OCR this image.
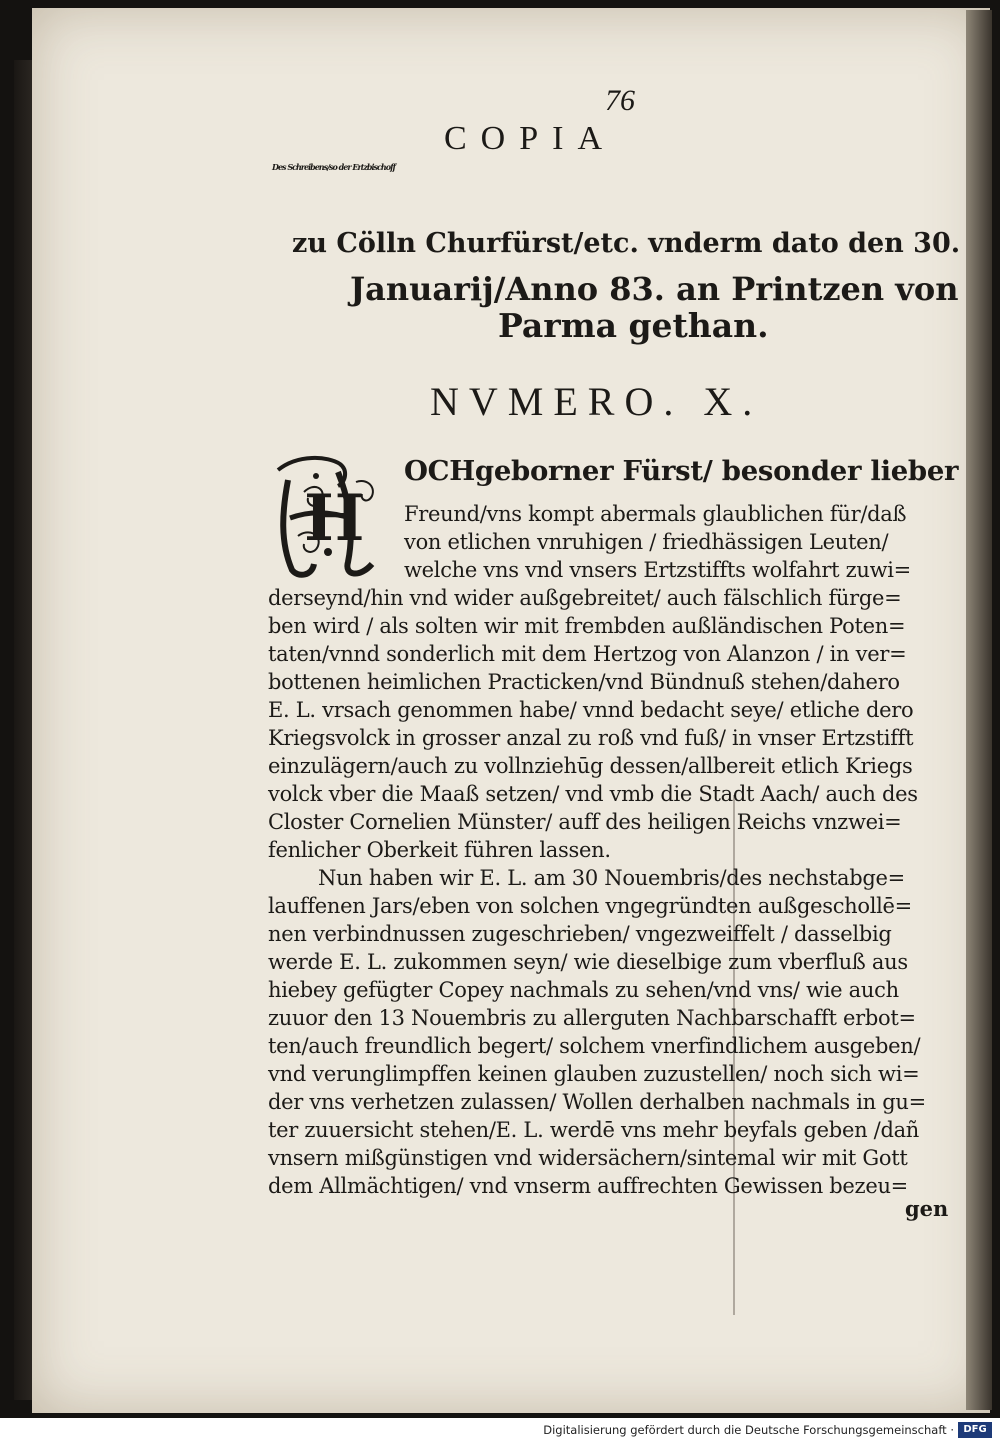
76
COPIA
Des Schreibens/so der Ertzbischoff
zu Cölln Churfürst/etc. vnderm dato den 30.
Januarij/Anno 83. an Printzen von
Parma gethan.
NVMERO. X.
H
OCHgeborner Fürst/ besonder lieber
Freund/vns kompt abermals glaublichen für/daß
von etlichen vnruhigen / friedhässigen Leuten/
welche vns vnd vnsers Ertzstiffts wolfahrt zuwi=
derseynd/hin vnd wider außgebreitet/ auch fälschlich fürge=
ben wird / als solten wir mit frembden außländischen Poten=
taten/vnnd sonderlich mit dem Hertzog von Alanzon / in ver=
bottenen heimlichen Practicken/vnd Bündnuß stehen/dahero
E. L. vrsach genommen habe/ vnnd bedacht seye/ etliche dero
Kriegsvolck in grosser anzal zu roß vnd fuß/ in vnser Ertzstifft
einzulägern/auch zu vollnziehūg dessen/allbereit etlich Kriegs
volck vber die Maaß setzen/ vnd vmb die Stadt Aach/ auch des
Closter Cornelien Münster/ auff des heiligen Reichs vnzwei=
fenlicher Oberkeit führen lassen.
Nun haben wir E. L. am 30 Nouembris/des nechstabge=
lauffenen Jars/eben von solchen vngegründten außgeschollē=
nen verbindnussen zugeschrieben/ vngezweiffelt / dasselbig
werde E. L. zukommen seyn/ wie dieselbige zum vberfluß aus
hiebey gefügter Copey nachmals zu sehen/vnd vns/ wie auch
zuuor den 13 Nouembris zu allerguten Nachbarschafft erbot=
ten/auch freundlich begert/ solchem vnerfindlichem ausgeben/
vnd verunglimpffen keinen glauben zuzustellen/ noch sich wi=
der vns verhetzen zulassen/ Wollen derhalben nachmals in gu=
ter zuuersicht stehen/E. L. werdē vns mehr beyfals geben /dañ
vnsern mißgünstigen vnd widersächern/sintemal wir mit Gott
dem Allmächtigen/ vnd vnserm auffrechten Gewissen bezeu=
gen
Digitalisierung gefördert durch die Deutsche Forschungsgemeinschaft · DFG
